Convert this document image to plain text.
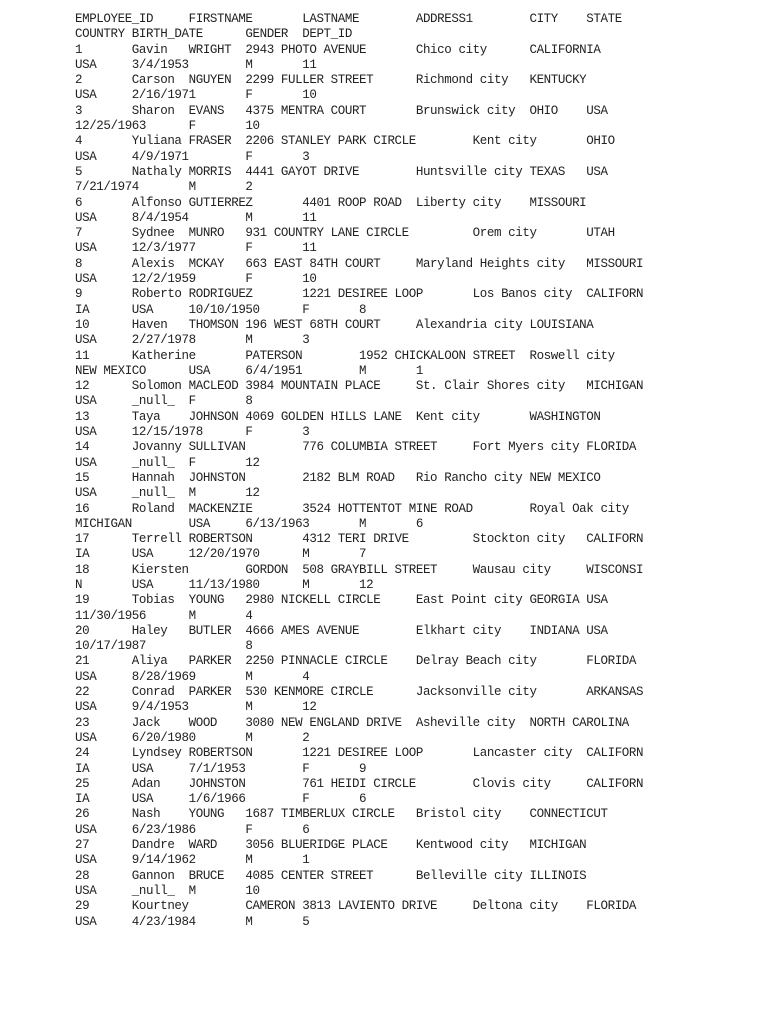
EMPLOYEE_ID     FIRSTNAME       LASTNAME        ADDRESS1        CITY    STATE
COUNTRY BIRTH_DATE      GENDER  DEPT_ID
1       Gavin   WRIGHT  2943 PHOTO AVENUE       Chico city      CALIFORNIA
USA     3/4/1953        M       11
2       Carson  NGUYEN  2299 FULLER STREET      Richmond city   KENTUCKY
USA     2/16/1971       F       10
3       Sharon  EVANS   4375 MENTRA COURT       Brunswick city  OHIO    USA
12/25/1963      F       10
4       Yuliana FRASER  2206 STANLEY PARK CIRCLE        Kent city       OHIO
USA     4/9/1971        F       3
5       Nathaly MORRIS  4441 GAYOT DRIVE        Huntsville city TEXAS   USA
7/21/1974       M       2
6       Alfonso GUTIERREZ       4401 ROOP ROAD  Liberty city    MISSOURI
USA     8/4/1954        M       11
7       Sydnee  MUNRO   931 COUNTRY LANE CIRCLE         Orem city       UTAH
USA     12/3/1977       F       11
8       Alexis  MCKAY   663 EAST 84TH COURT     Maryland Heights city   MISSOURI
USA     12/2/1959       F       10
9       Roberto RODRIGUEZ       1221 DESIREE LOOP       Los Banos city  CALIFORN
IA      USA     10/10/1950      F       8
10      Haven   THOMSON 196 WEST 68TH COURT     Alexandria city LOUISIANA
USA     2/27/1978       M       3
11      Katherine       PATERSON        1952 CHICKALOON STREET  Roswell city
NEW MEXICO      USA     6/4/1951        M       1
12      Solomon MACLEOD 3984 MOUNTAIN PLACE     St. Clair Shores city   MICHIGAN
USA     _null_  F       8
13      Taya    JOHNSON 4069 GOLDEN HILLS LANE  Kent city       WASHINGTON
USA     12/15/1978      F       3
14      Jovanny SULLIVAN        776 COLUMBIA STREET     Fort Myers city FLORIDA
USA     _null_  F       12
15      Hannah  JOHNSTON        2182 BLM ROAD   Rio Rancho city NEW MEXICO
USA     _null_  M       12
16      Roland  MACKENZIE       3524 HOTTENTOT MINE ROAD        Royal Oak city
MICHIGAN        USA     6/13/1963       M       6
17      Terrell ROBERTSON       4312 TERI DRIVE         Stockton city   CALIFORN
IA      USA     12/20/1970      M       7
18      Kiersten        GORDON  508 GRAYBILL STREET     Wausau city     WISCONSI
N       USA     11/13/1980      M       12
19      Tobias  YOUNG   2980 NICKELL CIRCLE     East Point city GEORGIA USA
11/30/1956      M       4
20      Haley   BUTLER  4666 AMES AVENUE        Elkhart city    INDIANA USA
10/17/1987              8
21      Aliya   PARKER  2250 PINNACLE CIRCLE    Delray Beach city       FLORIDA
USA     8/28/1969       M       4
22      Conrad  PARKER  530 KENMORE CIRCLE      Jacksonville city       ARKANSAS
USA     9/4/1953        M       12
23      Jack    WOOD    3080 NEW ENGLAND DRIVE  Asheville city  NORTH CAROLINA
USA     6/20/1980       M       2
24      Lyndsey ROBERTSON       1221 DESIREE LOOP       Lancaster city  CALIFORN
IA      USA     7/1/1953        F       9
25      Adan    JOHNSTON        761 HEIDI CIRCLE        Clovis city     CALIFORN
IA      USA     1/6/1966        F       6
26      Nash    YOUNG   1687 TIMBERLUX CIRCLE   Bristol city    CONNECTICUT
USA     6/23/1986       F       6
27      Dandre  WARD    3056 BLUERIDGE PLACE    Kentwood city   MICHIGAN
USA     9/14/1962       M       1
28      Gannon  BRUCE   4085 CENTER STREET      Belleville city ILLINOIS
USA     _null_  M       10
29      Kourtney        CAMERON 3813 LAVIENTO DRIVE     Deltona city    FLORIDA
USA     4/23/1984       M       5
